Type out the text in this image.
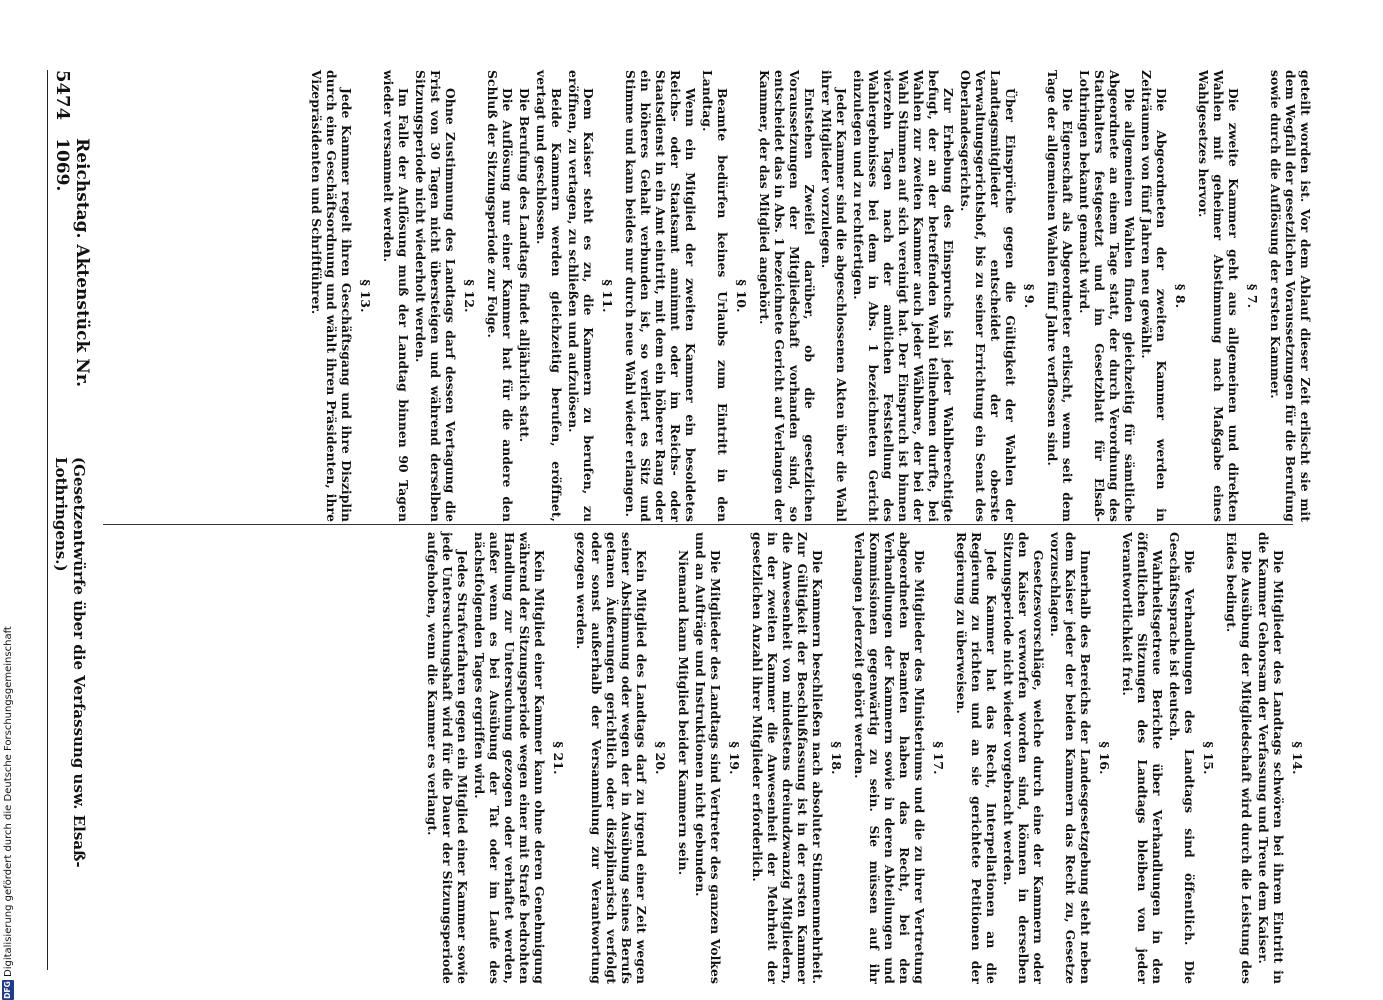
5474
Reichstag. Aktenstück Nr. 1069.
(Gesetzentwürfe über die Verfassung usw. Elsaß-Lothringens.)	geteilt worden ist. Vor dem Ablauf dieser Zeit erlischt sie mit dem Wegfall der gesetzlichen Voraussetzungen für die Berufung sowie durch die Auflösung der ersten Kammer.

§ 7.

Die zweite Kammer geht aus allgemeinen und direkten Wahlen mit geheimer Abstimmung nach Maßgabe eines Wahlgesetzes hervor.

§ 8.

Die Abgeordneten der zweiten Kammer werden in Zeiträumen von fünf Jahren neu gewählt.

Die allgemeinen Wahlen finden gleichzeitig für sämtliche Abgeordnete an einem Tage statt, der durch Verordnung des Statthalters festgesetzt und im Gesetzblatt für Elsaß-Lothringen bekannt gemacht wird.

Die Eigenschaft als Abgeordneter erlischt, wenn seit dem Tage der allgemeinen Wahlen fünf Jahre verflossen sind.

§ 9.

Über Einsprüche gegen die Gültigkeit der Wahlen der Landtagsmitglieder entscheidet der oberste Verwaltungsgerichtshof, bis zu seiner Errichtung ein Senat des Oberlandesgerichts.

Zur Erhebung des Einspruchs ist jeder Wahlberechtigte befugt, der an der betreffenden Wahl teilnehmen durfte, bei Wahlen zur zweiten Kammer auch jeder Wählbare, der bei der Wahl Stimmen auf sich vereinigt hat. Der Einspruch ist binnen vierzehn Tagen nach der amtlichen Feststellung des Wahlergebnisses bei dem in Abs. 1 bezeichneten Gericht einzulegen und zu rechtfertigen.

Jeder Kammer sind die abgeschlossenen Akten über die Wahl ihrer Mitglieder vorzulegen.

Entstehen Zweifel darüber, ob die gesetzlichen Voraussetzungen der Mitgliedschaft vorhanden sind, so entscheidet das in Abs. 1 bezeichnete Gericht auf Verlangen der Kammer, der das Mitglied angehört.

§ 10.

Beamte bedürfen keines Urlaubs zum Eintritt in den Landtag.

Wenn ein Mitglied der zweiten Kammer ein besoldetes Reichs- oder Staatsamt annimmt oder im Reichs- oder Staatsdienst in ein Amt eintritt, mit dem ein höherer Rang oder ein höheres Gehalt verbunden ist, so verliert es Sitz und Stimme und kann beides nur durch neue Wahl wieder erlangen.

§ 11.

Dem Kaiser steht es zu, die Kammern zu berufen, zu eröffnen, zu vertagen, zu schließen und aufzulösen.

Beide Kammern werden gleichzeitig berufen, eröffnet, vertagt und geschlossen.

Die Berufung des Landtags findet alljährlich statt.

Die Auflösung nur einer Kammer hat für die andere den Schluß der Sitzungsperiode zur Folge.

§ 12.

Ohne Zustimmung des Landtags darf dessen Vertagung die Frist von 30 Tagen nicht übersteigen und während derselben Sitzungsperiode nicht wiederholt werden.

Im Falle der Auflösung muß der Landtag binnen 90 Tagen wieder versammelt werden.

§ 13.

Jede Kammer regelt ihren Geschäftsgang und ihre Disziplin durch eine Geschäftsordnung und wählt ihren Präsidenten, ihre Vizepräsidenten und Schriftführer.

§ 14.

Die Mitglieder des Landtags schwören bei ihrem Eintritt in die Kammer Gehorsam der Verfassung und Treue dem Kaiser.

Die Ausübung der Mitgliedschaft wird durch die Leistung des Eides bedingt.

§ 15.

Die Verhandlungen des Landtags sind öffentlich. Die Geschäftssprache ist deutsch.

Wahrheitsgetreue Berichte über Verhandlungen in den öffentlichen Sitzungen des Landtags bleiben von jeder Verantwortlichkeit frei.

§ 16.

Innerhalb des Bereichs der Landesgesetzgebung steht neben dem Kaiser jeder der beiden Kammern das Recht zu, Gesetze vorzuschlagen.

Gesetzesvorschläge, welche durch eine der Kammern oder den Kaiser verworfen worden sind, können in derselben Sitzungsperiode nicht wieder vorgebracht werden.

Jede Kammer hat das Recht, Interpellationen an die Regierung zu richten und an sie gerichtete Petitionen der Regierung zu überweisen.

§ 17.

Die Mitglieder des Ministeriums und die zu ihrer Vertretung abgeordneten Beamten haben das Recht, bei den Verhandlungen der Kammern sowie in deren Abteilungen und Kommissionen gegenwärtig zu sein. Sie müssen auf ihr Verlangen jederzeit gehört werden.

§ 18.

Die Kammern beschließen nach absoluter Stimmenmehrheit. Zur Gültigkeit der Beschlußfassung ist in der ersten Kammer die Anwesenheit von mindestens dreiundzwanzig Mitgliedern, in der zweiten Kammer die Anwesenheit der Mehrheit der gesetzlichen Anzahl ihrer Mitglieder erforderlich.

§ 19.

Die Mitglieder des Landtags sind Vertreter des ganzen Volkes und an Aufträge und Instruktionen nicht gebunden.

Niemand kann Mitglied beider Kammern sein.

§ 20.

Kein Mitglied des Landtags darf zu irgend einer Zeit wegen seiner Abstimmung oder wegen der in Ausübung seines Berufs getanen Äußerungen gerichtlich oder disziplinarisch verfolgt oder sonst außerhalb der Versammlung zur Verantwortung gezogen werden.

§ 21.

Kein Mitglied einer Kammer kann ohne deren Genehmigung während der Sitzungsperiode wegen einer mit Strafe bedrohten Handlung zur Untersuchung gezogen oder verhaftet werden, außer wenn es bei Ausübung der Tat oder im Laufe des nächstfolgenden Tages ergriffen wird.

Jedes Strafverfahren gegen ein Mitglied einer Kammer sowie jede Untersuchungshaft wird für die Dauer der Sitzungsperiode aufgehoben, wenn die Kammer es verlangt.

DFG
Digitalisierung gefördert durch die Deutsche Forschungsgemeinschaft
